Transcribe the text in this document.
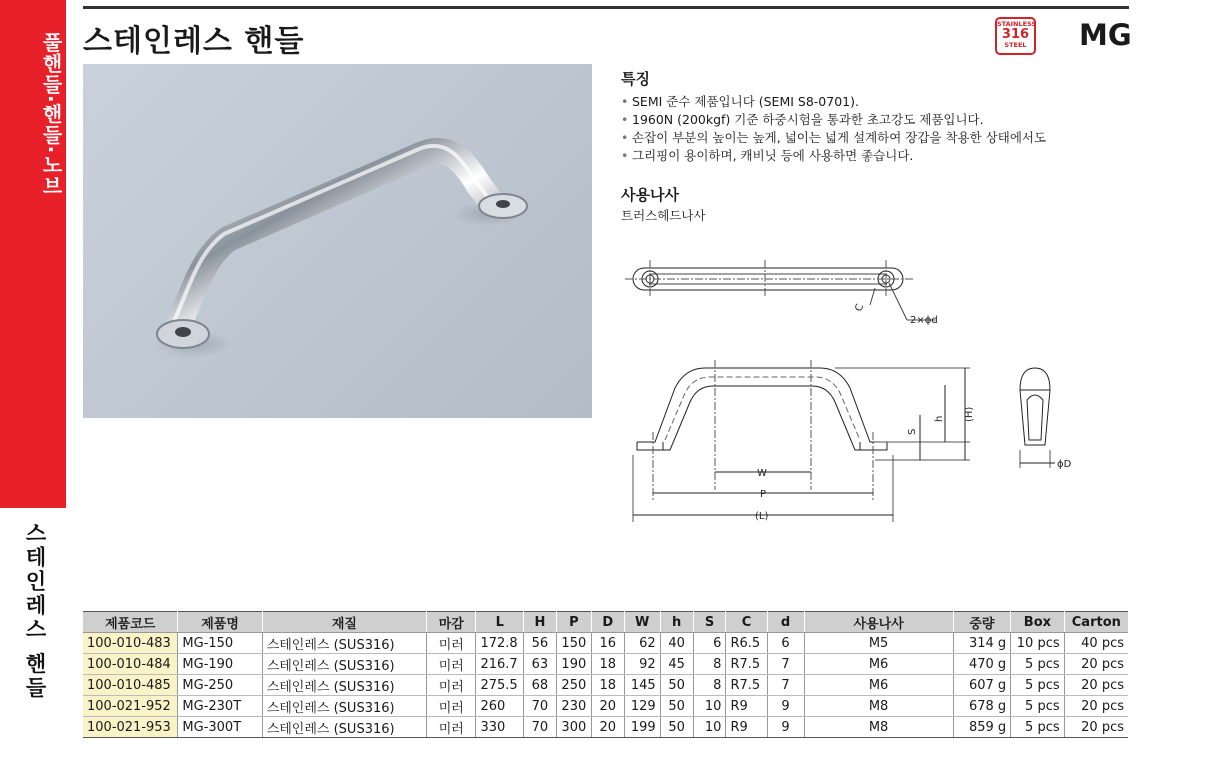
풀핸들·핸들·노브
스테인레스 핸들
스테인레스 핸들	STAINLESS
316
STEEL MG
특징
• SEMI 준수 제품입니다 (SEMI S8-0701).
• 1960N (200kgf) 기준 하중시험을 통과한 초고강도 제품입니다.
• 손잡이 부분의 높이는 높게, 넓이는 넓게 설계하여 장갑을 착용한 상태에서도
• 그리핑이 용이하며, 캐비닛 등에 사용하면 좋습니다.
사용나사
트러스헤드나사
C
2×ϕd
W
P
(L)
S
h (H)
ϕD
제품코드	제품명	재질	마감	L	H	P	D	W	h	S	C	d	사용나사	중량	Box	Carton
100-010-483	MG-150	스테인레스 (SUS316)	미러	172.8	56	150	16	62	40	6	R6.5	6	M5	314 g	10 pcs	40 pcs
100-010-484	MG-190	스테인레스 (SUS316)	미러	216.7	63	190	18	92	45	8	R7.5	7	M6	470 g	5 pcs	20 pcs
100-010-485	MG-250	스테인레스 (SUS316)	미러	275.5	68	250	18	145	50	8	R7.5	7	M6	607 g	5 pcs	20 pcs
100-021-952	MG-230T	스테인레스 (SUS316)	미러	260	70	230	20	129	50	10	R9	9	M8	678 g	5 pcs	20 pcs
100-021-953	MG-300T	스테인레스 (SUS316)	미러	330	70	300	20	199	50	10	R9	9	M8	859 g	5 pcs	20 pcs
